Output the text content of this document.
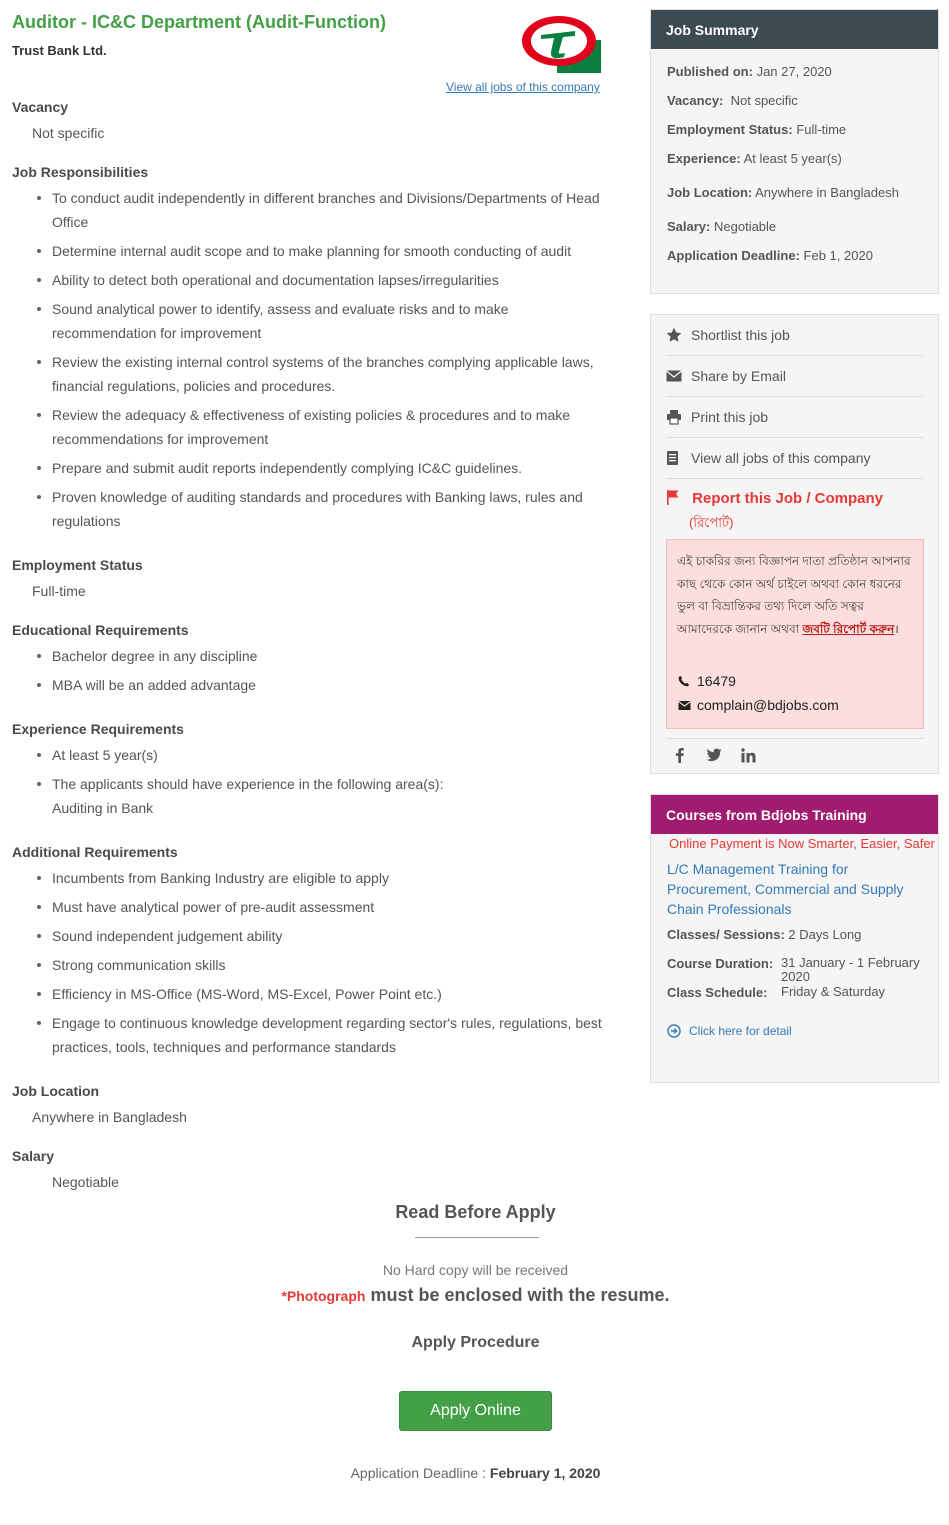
Auditor - IC&C Department (Audit-Function)
Trust Bank Ltd.
View all jobs of this company
Vacancy
Not specific
Job Responsibilities
To conduct audit independently in different branches and Divisions/Departments of Head Office
Determine internal audit scope and to make planning for smooth conducting of audit
Ability to detect both operational and documentation lapses/irregularities
Sound analytical power to identify, assess and evaluate risks and to make recommendation for improvement
Review the existing internal control systems of the branches complying applicable laws, financial regulations, policies and procedures.
Review the adequacy & effectiveness of existing policies & procedures and to make recommendations for improvement
Prepare and submit audit reports independently complying IC&C guidelines.
Proven knowledge of auditing standards and procedures with Banking laws, rules and regulations
Employment Status
Full-time
Educational Requirements
Bachelor degree in any discipline
MBA will be an added advantage
Experience Requirements
At least 5 year(s)
The applicants should have experience in the following area(s):
Auditing in Bank
Additional Requirements
Incumbents from Banking Industry are eligible to apply
Must have analytical power of pre-audit assessment
Sound independent judgement ability
Strong communication skills
Efficiency in MS-Office (MS-Word, MS-Excel, Power Point etc.)
Engage to continuous knowledge development regarding sector's rules, regulations, best practices, tools, techniques and performance standards
Job Location
Anywhere in Bangladesh
Salary
Negotiable
Read Before Apply
No Hard copy will be received
*Photograph must be enclosed with the resume.
Apply Procedure
Apply Online
Application Deadline : February 1, 2020
Job Summary
Published on: Jan 27, 2020
Vacancy: Not specific
Employment Status: Full-time
Experience: At least 5 year(s)
Job Location: Anywhere in Bangladesh
Salary: Negotiable
Application Deadline: Feb 1, 2020
Shortlist this job
Share by Email
Print this job
View all jobs of this company
Report this Job / Company
(রিপোর্ট)
এই চাকরির জন্য বিজ্ঞাপন দাতা প্রতিষ্ঠান আপনার কাছ থেকে কোন অর্থ চাইলে অথবা কোন ধরনের ভুল বা বিভ্রান্তিকর তথ্য দিলে অতি সত্বর আমাদেরকে জানান অথবা জবটি রিপোর্ট করুন।
16479
complain@bdjobs.com
Courses from Bdjobs Training
Online Payment is Now Smarter, Easier, Safer
L/C Management Training for Procurement, Commercial and Supply Chain Professionals
Classes/ Sessions: 2 Days Long
Course Duration: 31 January - 1 February 2020
Class Schedule: Friday & Saturday
Click here for detail
